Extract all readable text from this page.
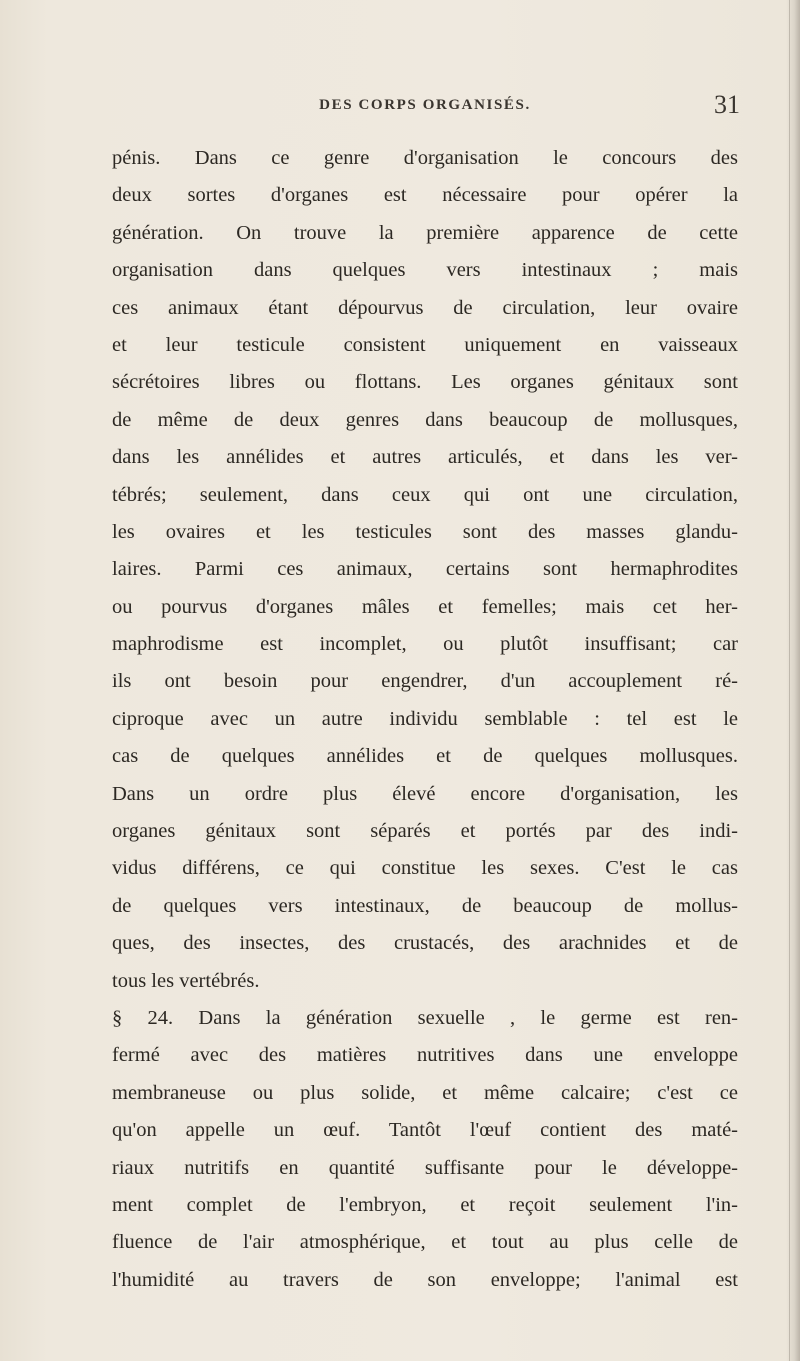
DES CORPS ORGANISÉS.	31
pénis. Dans ce genre d'organisation le concours des
deux sortes d'organes est nécessaire pour opérer la
génération. On trouve la première apparence de cette
organisation dans quelques vers intestinaux ; mais
ces animaux étant dépourvus de circulation, leur ovaire
et leur testicule consistent uniquement en vaisseaux
sécrétoires libres ou flottans. Les organes génitaux sont
de même de deux genres dans beaucoup de mollusques,
dans les annélides et autres articulés, et dans les ver-
tébrés; seulement, dans ceux qui ont une circulation,
les ovaires et les testicules sont des masses glandu-
laires. Parmi ces animaux, certains sont hermaphrodites
ou pourvus d'organes mâles et femelles; mais cet her-
maphrodisme est incomplet, ou plutôt insuffisant; car
ils ont besoin pour engendrer, d'un accouplement ré-
ciproque avec un autre individu semblable : tel est le
cas de quelques annélides et de quelques mollusques.
Dans un ordre plus élevé encore d'organisation, les
organes génitaux sont séparés et portés par des indi-
vidus différens, ce qui constitue les sexes. C'est le cas
de quelques vers intestinaux, de beaucoup de mollus-
ques, des insectes, des crustacés, des arachnides et de
tous les vertébrés.
§ 24. Dans la génération sexuelle , le germe est ren-
fermé avec des matières nutritives dans une enveloppe
membraneuse ou plus solide, et même calcaire; c'est ce
qu'on appelle un œuf. Tantôt l'œuf contient des maté-
riaux nutritifs en quantité suffisante pour le développe-
ment complet de l'embryon, et reçoit seulement l'in-
fluence de l'air atmosphérique, et tout au plus celle de
l'humidité au travers de son enveloppe; l'animal est
